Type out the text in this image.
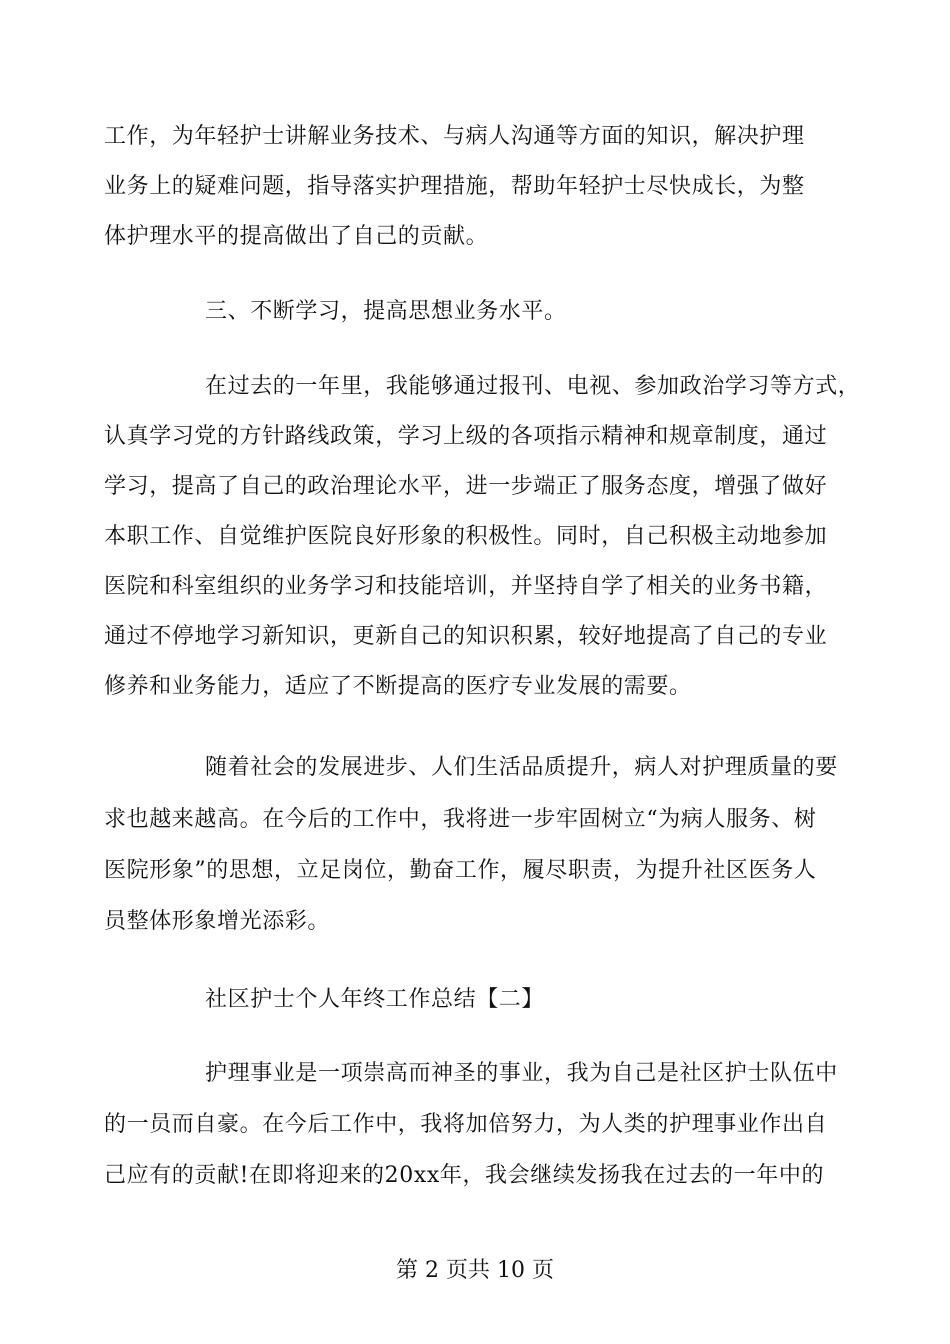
工作，为年轻护士讲解业务技术、与病人沟通等方面的知识，解决护理
业务上的疑难问题，指导落实护理措施，帮助年轻护士尽快成长，为整
体护理水平的提高做出了自己的贡献。
三、不断学习，提高思想业务水平。
在过去的一年里，我能够通过报刊、电视、参加政治学习等方式，
认真学习党的方针路线政策，学习上级的各项指示精神和规章制度，通过
学习，提高了自己的政治理论水平，进一步端正了服务态度，增强了做好
本职工作、自觉维护医院良好形象的积极性。同时，自己积极主动地参加
医院和科室组织的业务学习和技能培训，并坚持自学了相关的业务书籍，
通过不停地学习新知识，更新自己的知识积累，较好地提高了自己的专业
修养和业务能力，适应了不断提高的医疗专业发展的需要。
随着社会的发展进步、人们生活品质提升，病人对护理质量的要
求也越来越高。在今后的工作中，我将进一步牢固树立“为病人服务、树
医院形象”的思想，立足岗位，勤奋工作，履尽职责，为提升社区医务人
员整体形象增光添彩。
社区护士个人年终工作总结【二】
护理事业是一项崇高而神圣的事业，我为自己是社区护士队伍中
的一员而自豪。在今后工作中，我将加倍努力，为人类的护理事业作出自
己应有的贡献!在即将迎来的20xx年，我会继续发扬我在过去的一年中的
第 2 页共 10 页
